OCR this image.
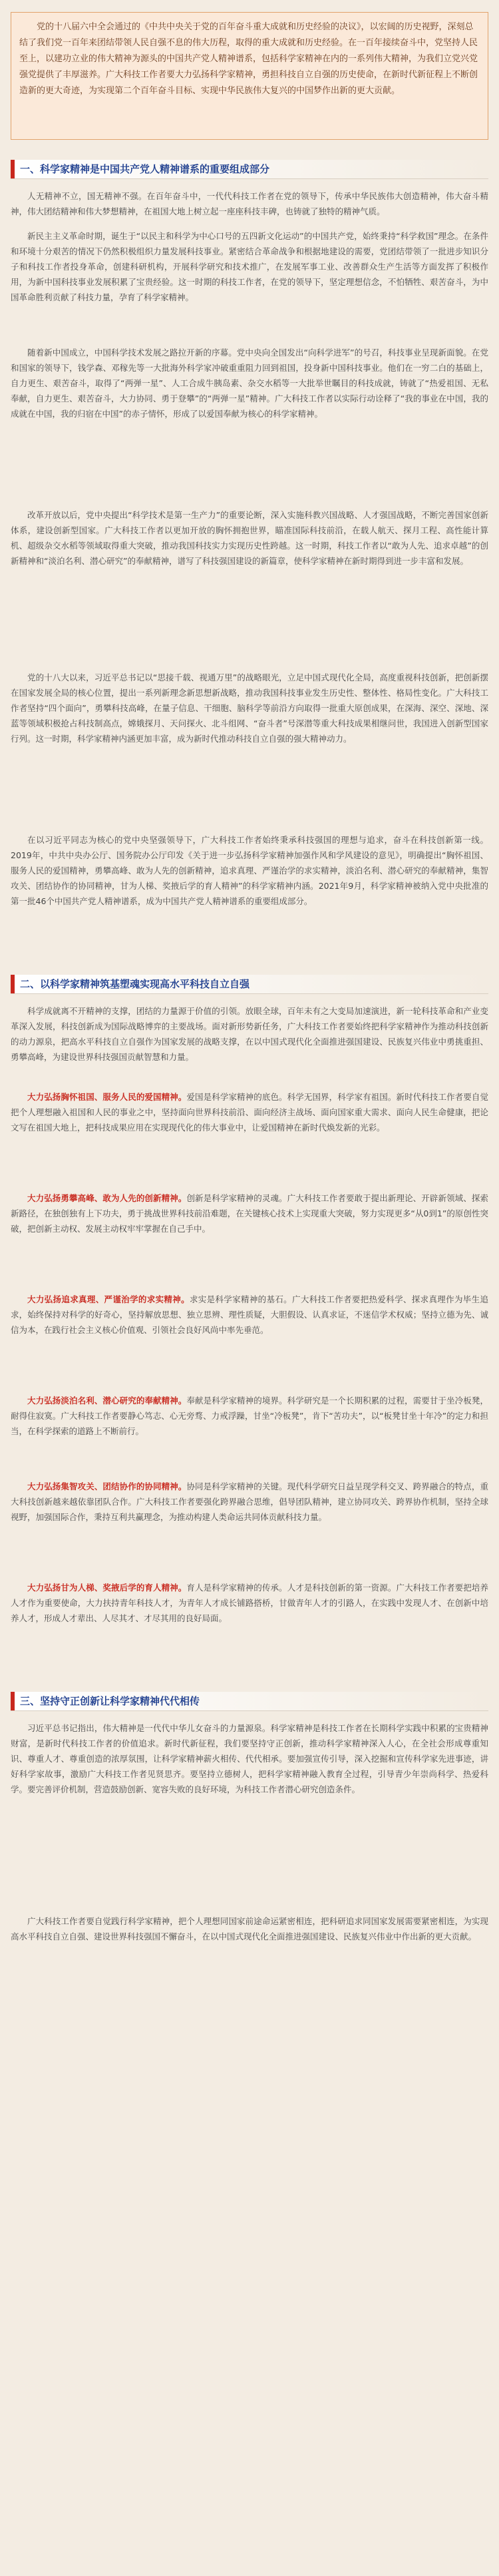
党的十八届六中全会通过的《中共中央关于党的百年奋斗重大成就和历史经验的决议》，以宏阔的历史视野，深刻总结了我们党一百年来团结带领人民自强不息的伟大历程，取得的重大成就和历史经验。在一百年接续奋斗中，党坚持人民至上，以建功立业的伟大精神为源头的中国共产党人精神谱系，包括科学家精神在内的一系列伟大精神，为我们立党兴党强党提供了丰厚滋养。广大科技工作者要大力弘扬科学家精神，勇担科技自立自强的历史使命，在新时代新征程上不断创造新的更大奇迹，为实现第二个百年奋斗目标、实现中华民族伟大复兴的中国梦作出新的更大贡献。
一、科学家精神是中国共产党人精神谱系的重要组成部分

人无精神不立，国无精神不强。在百年奋斗中，一代代科技工作者在党的领导下，传承中华民族伟大创造精神，伟大奋斗精神，伟大团结精神和伟大梦想精神，在祖国大地上树立起一座座科技丰碑，也铸就了独特的精神气质。

新民主主义革命时期，诞生于“以民主和科学为中心口号的五四新文化运动”的中国共产党，始终秉持“科学救国”理念。在条件和环境十分艰苦的情况下仍然积极组织力量发展科技事业。紧密结合革命战争和根据地建设的需要，党团结带领了一批进步知识分子和科技工作者投身革命，创建科研机构，开展科学研究和技术推广，在发展军事工业、改善群众生产生活等方面发挥了积极作用，为新中国科技事业发展积累了宝贵经验。这一时期的科技工作者，在党的领导下，坚定理想信念，不怕牺牲、艰苦奋斗，为中国革命胜利贡献了科技力量，孕育了科学家精神。

随着新中国成立，中国科学技术发展之路拉开新的序幕。党中央向全国发出“向科学进军”的号召，科技事业呈现新面貌。在党和国家的领导下，钱学森、邓稼先等一大批海外科学家冲破重重阻力回到祖国，投身新中国科技事业。他们在一穷二白的基础上，自力更生、艰苦奋斗，取得了“两弹一星”、人工合成牛胰岛素、杂交水稻等一大批举世瞩目的科技成就，铸就了“热爱祖国、无私奉献，自力更生、艰苦奋斗，大力协同、勇于登攀”的“两弹一星”精神。广大科技工作者以实际行动诠释了“我的事业在中国，我的成就在中国，我的归宿在中国”的赤子情怀，形成了以爱国奉献为核心的科学家精神。

改革开放以后，党中央提出“科学技术是第一生产力”的重要论断，深入实施科教兴国战略、人才强国战略，不断完善国家创新体系，建设创新型国家。广大科技工作者以更加开放的胸怀拥抱世界，瞄准国际科技前沿，在载人航天、探月工程、高性能计算机、超级杂交水稻等领域取得重大突破，推动我国科技实力实现历史性跨越。这一时期，科技工作者以“敢为人先、追求卓越”的创新精神和“淡泊名利、潜心研究”的奉献精神，谱写了科技强国建设的新篇章，使科学家精神在新时期得到进一步丰富和发展。

党的十八大以来，习近平总书记以“思接千载、视通万里”的战略眼光，立足中国式现代化全局，高度重视科技创新，把创新摆在国家发展全局的核心位置，提出一系列新理念新思想新战略，推动我国科技事业发生历史性、整体性、格局性变化。广大科技工作者坚持“四个面向”，勇攀科技高峰，在量子信息、干细胞、脑科学等前沿方向取得一批重大原创成果，在深海、深空、深地、深蓝等领域积极抢占科技制高点，嫦娥探月、天问探火、北斗组网、“奋斗者”号深潜等重大科技成果相继问世，我国进入创新型国家行列。这一时期，科学家精神内涵更加丰富，成为新时代推动科技自立自强的强大精神动力。

在以习近平同志为核心的党中央坚强领导下，广大科技工作者始终秉承科技强国的理想与追求，奋斗在科技创新第一线。2019年，中共中央办公厅、国务院办公厅印发《关于进一步弘扬科学家精神加强作风和学风建设的意见》，明确提出“胸怀祖国、服务人民的爱国精神，勇攀高峰、敢为人先的创新精神，追求真理、严谨治学的求实精神，淡泊名利、潜心研究的奉献精神，集智攻关、团结协作的协同精神，甘为人梯、奖掖后学的育人精神”的科学家精神内涵。2021年9月，科学家精神被纳入党中央批准的第一批46个中国共产党人精神谱系，成为中国共产党人精神谱系的重要组成部分。

二、以科学家精神筑基塑魂实现高水平科技自立自强

科学成就离不开精神的支撑，团结的力量源于价值的引领。放眼全球，百年未有之大变局加速演进，新一轮科技革命和产业变革深入发展，科技创新成为国际战略博弈的主要战场。面对新形势新任务，广大科技工作者要始终把科学家精神作为推动科技创新的动力源泉，把高水平科技自立自强作为国家发展的战略支撑，在以中国式现代化全面推进强国建设、民族复兴伟业中勇挑重担、勇攀高峰，为建设世界科技强国贡献智慧和力量。

大力弘扬胸怀祖国、服务人民的爱国精神。爱国是科学家精神的底色。科学无国界，科学家有祖国。新时代科技工作者要自觉把个人理想融入祖国和人民的事业之中，坚持面向世界科技前沿、面向经济主战场、面向国家重大需求、面向人民生命健康，把论文写在祖国大地上，把科技成果应用在实现现代化的伟大事业中，让爱国精神在新时代焕发新的光彩。

大力弘扬勇攀高峰、敢为人先的创新精神。创新是科学家精神的灵魂。广大科技工作者要敢于提出新理论、开辟新领域、探索新路径，在独创独有上下功夫，勇于挑战世界科技前沿难题，在关键核心技术上实现重大突破，努力实现更多“从0到1”的原创性突破，把创新主动权、发展主动权牢牢掌握在自己手中。

大力弘扬追求真理、严谨治学的求实精神。求实是科学家精神的基石。广大科技工作者要把热爱科学、探求真理作为毕生追求，始终保持对科学的好奇心，坚持解放思想、独立思辨、理性质疑，大胆假设、认真求证，不迷信学术权威；坚持立德为先、诚信为本，在践行社会主义核心价值观、引领社会良好风尚中率先垂范。

大力弘扬淡泊名利、潜心研究的奉献精神。奉献是科学家精神的境界。科学研究是一个长期积累的过程，需要甘于坐冷板凳，耐得住寂寞。广大科技工作者要静心笃志、心无旁骛、力戒浮躁，甘坐“冷板凳”，肯下“苦功夫”，以“板凳甘坐十年冷”的定力和担当，在科学探索的道路上不断前行。

大力弘扬集智攻关、团结协作的协同精神。协同是科学家精神的关键。现代科学研究日益呈现学科交叉、跨界融合的特点，重大科技创新越来越依靠团队合作。广大科技工作者要强化跨界融合思维，倡导团队精神，建立协同攻关、跨界协作机制，坚持全球视野，加强国际合作，秉持互利共赢理念，为推动构建人类命运共同体贡献科技力量。

大力弘扬甘为人梯、奖掖后学的育人精神。育人是科学家精神的传承。人才是科技创新的第一资源。广大科技工作者要把培养人才作为重要使命，大力扶持青年科技人才，为青年人才成长铺路搭桥，甘做青年人才的引路人，在实践中发现人才、在创新中培养人才，形成人才辈出、人尽其才、才尽其用的良好局面。

三、坚持守正创新让科学家精神代代相传

习近平总书记指出，伟大精神是一代代中华儿女奋斗的力量源泉。科学家精神是科技工作者在长期科学实践中积累的宝贵精神财富，是新时代科技工作者的价值追求。新时代新征程，我们要坚持守正创新，推动科学家精神深入人心，在全社会形成尊重知识、尊重人才、尊重创造的浓厚氛围，让科学家精神薪火相传、代代相承。要加强宣传引导，深入挖掘和宣传科学家先进事迹，讲好科学家故事，激励广大科技工作者见贤思齐。要坚持立德树人，把科学家精神融入教育全过程，引导青少年崇尚科学、热爱科学。要完善评价机制，营造鼓励创新、宽容失败的良好环境，为科技工作者潜心研究创造条件。

广大科技工作者要自觉践行科学家精神，把个人理想同国家前途命运紧密相连，把科研追求同国家发展需要紧密相连，为实现高水平科技自立自强、建设世界科技强国不懈奋斗，在以中国式现代化全面推进强国建设、民族复兴伟业中作出新的更大贡献。
